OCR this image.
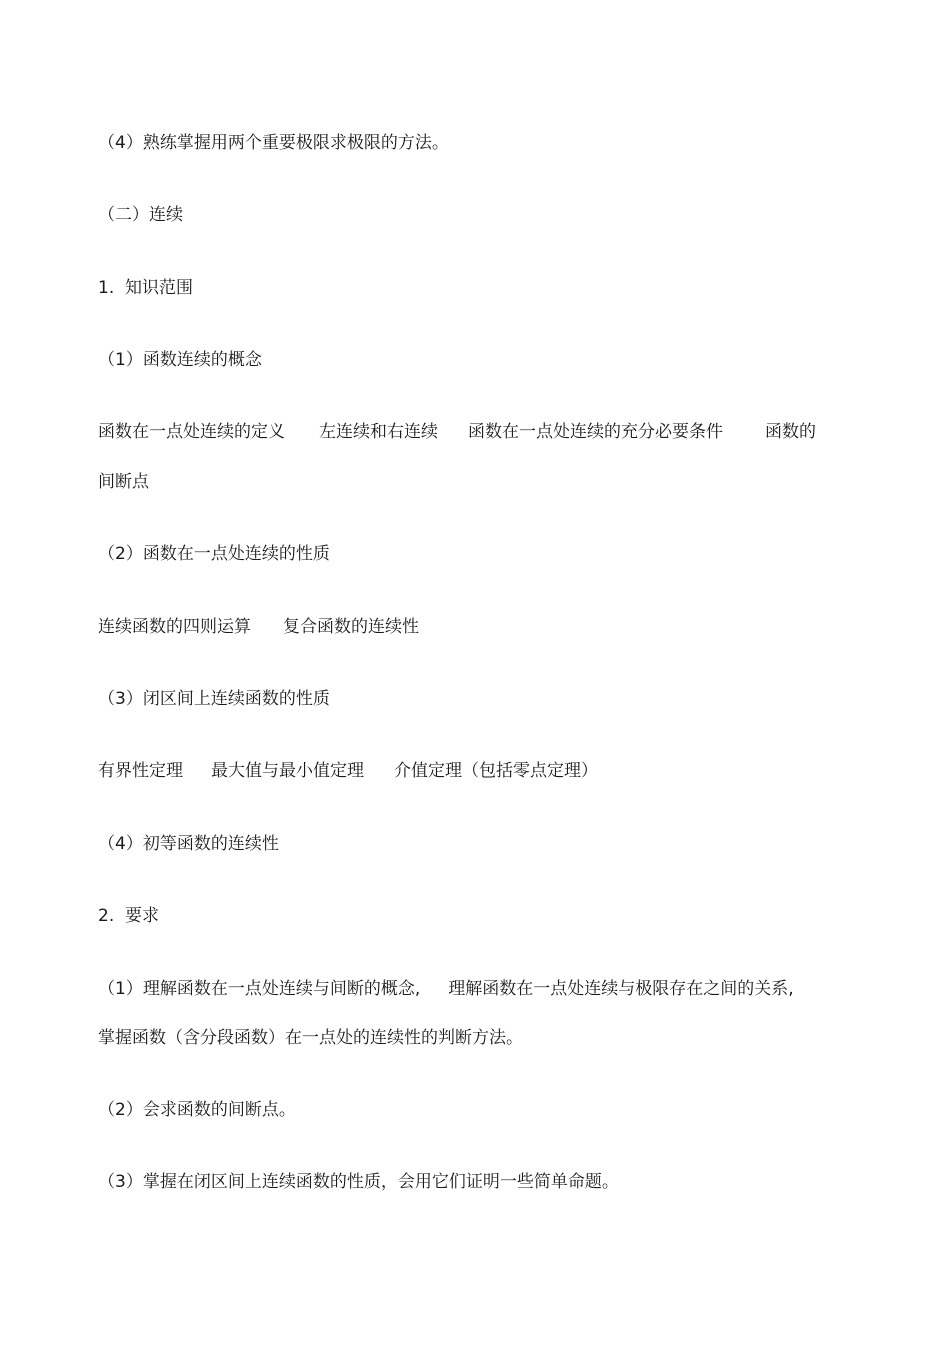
（4）熟练掌握用两个重要极限求极限的方法。
（二）连续
1.  知识范围
（1）函数连续的概念
函数在一点处连续的定义 左连续和右连续 函数在一点处连续的充分必要条件 函数的
间断点
（2）函数在一点处连续的性质
连续函数的四则运算 复合函数的连续性
（3）闭区间上连续函数的性质
有界性定理 最大值与最小值定理 介值定理（包括零点定理）
（4）初等函数的连续性
2.  要求
（1）理解函数在一点处连续与间断的概念, 理解函数在一点处连续与极限存在之间的关系,
掌握函数（含分段函数）在一点处的连续性的判断方法。
（2）会求函数的间断点。
（3）掌握在闭区间上连续函数的性质，会用它们证明一些简单命题。
